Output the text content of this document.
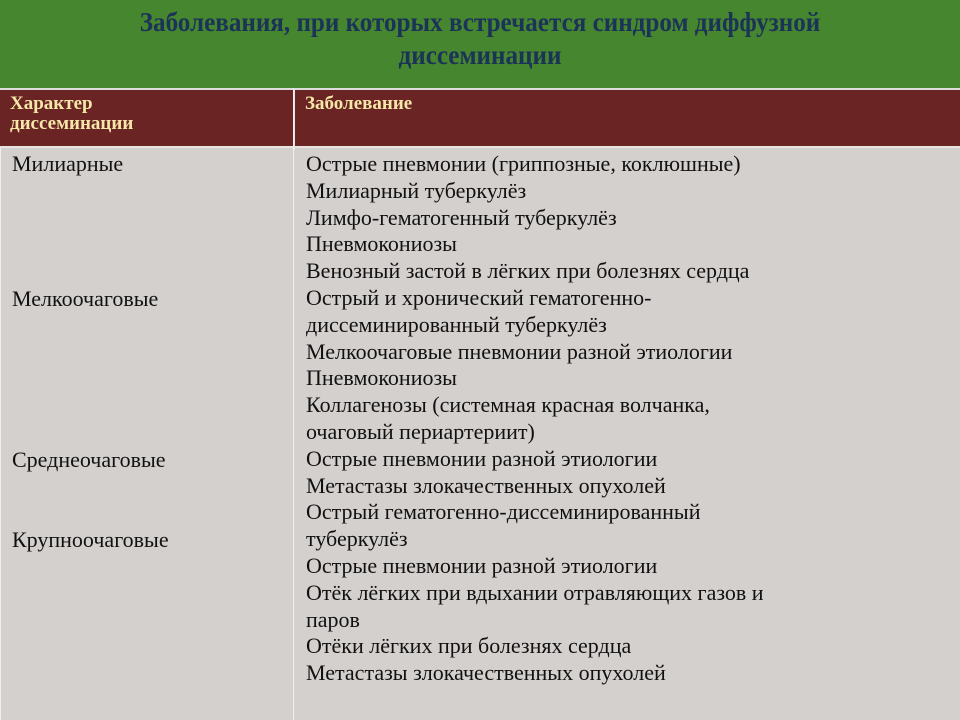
Заболевания, при которых встречается синдром диффузной
диссеминации
Характер
диссеминации
Заболевание
Милиарные
Мелкоочаговые
Среднеочаговые
Крупноочаговые
Острые пневмонии (гриппозные, коклюшные)
Милиарный туберкулёз
Лимфо-гематогенный туберкулёз
Пневмокониозы
Венозный застой в лёгких при болезнях сердца
Острый и хронический гематогенно-
диссеминированный туберкулёз
Мелкоочаговые пневмонии разной этиологии
Пневмокониозы
Коллагенозы (системная красная волчанка,
очаговый периартериит)
Острые пневмонии разной этиологии
Метастазы злокачественных опухолей
Острый гематогенно-диссеминированный
туберкулёз
Острые пневмонии разной этиологии
Отёк лёгких при вдыхании отравляющих газов и
паров
Отёки лёгких при болезнях сердца
Метастазы злокачественных опухолей
